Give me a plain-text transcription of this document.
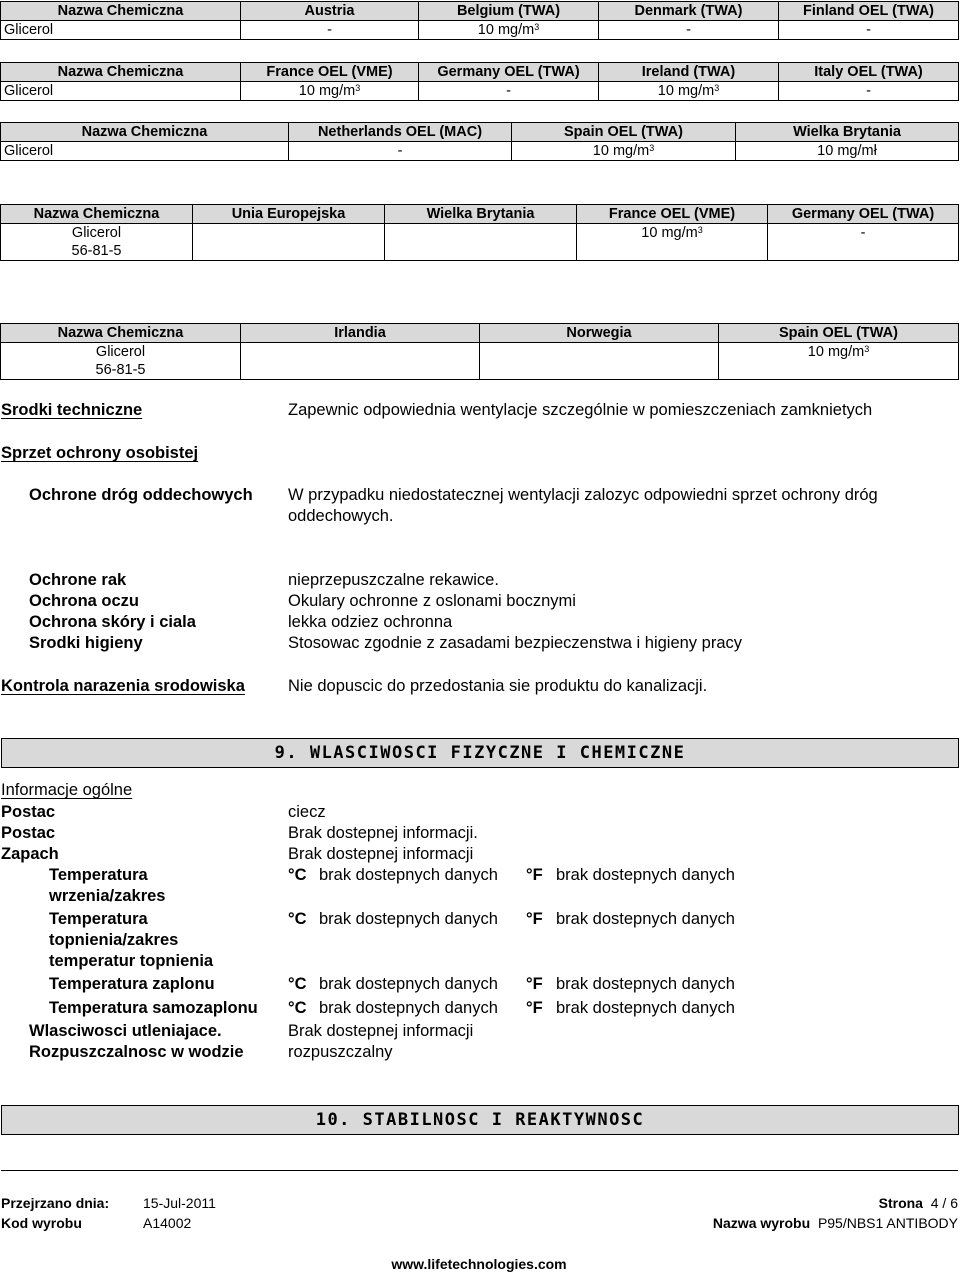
Nazwa Chemiczna	Austria	Belgium (TWA)	Denmark (TWA)	Finland OEL (TWA)
Glicerol	-	10 $mg/m^3$	-	-
Nazwa Chemiczna	France OEL (VME)	Germany OEL (TWA)	Ireland (TWA)	Italy OEL (TWA)
Glicerol	10 $mg/m^3$	-	10 $mg/m^3$	-
Nazwa Chemiczna	Netherlands OEL (MAC)	Spain OEL (TWA)	Wielka Brytania
Glicerol	-	10 $mg/m^3$	10 mg/mł
Nazwa Chemiczna	Unia Europejska	Wielka Brytania	France OEL (VME)	Germany OEL (TWA)

Glicerol
56-81-5			10 $mg/m^3$	-
Nazwa Chemiczna	Irlandia	Norwegia	Spain OEL (TWA)

Glicerol
56-81-5			10 $mg/m^3$
Srodki techniczne	Zapewnic odpowiednia wentylacje szczególnie w pomieszczeniach zamknietych
Sprzet ochrony osobistej
Ochrone dróg oddechowych W przypadku niedostatecznej wentylacji zalozyc odpowiedni sprzet ochrony dróg
oddechowych.
Ochrone rak	nieprzepuszczalne rekawice.
Ochrona oczu	Okulary ochronne z oslonami bocznymi
Ochrona skóry i ciala	lekka odziez ochronna
Srodki higieny	Stosowac zgodnie z zasadami bezpieczenstwa i higieny pracy
Kontrola narazenia srodowiska	Nie dopuscic do przedostania sie produktu do kanalizacji.
9. WLASCIWOSCI FIZYCZNE I CHEMICZNE
Informacje ogólne
Postac	ciecz
Postac	Brak dostepnej informacji.
Zapach	Brak dostepnej informacji
Temperatura
wrzenia/zakres
°C brak dostepnych danych °F brak dostepnych danych
Temperatura
topnienia/zakres
temperatur topnienia
°C brak dostepnych danych °F brak dostepnych danych
Temperatura zaplonu	°C brak dostepnych danych °F brak dostepnych danych
Temperatura samozaplonu °C brak dostepnych danych °F brak dostepnych danych
Wlasciwosci utleniajace.	Brak dostepnej informacji
Rozpuszczalnosc w wodzie	rozpuszczalny
10. STABILNOSC I REAKTYWNOSC
Przejrzano dnia: 15-Jul-2011
Kod wyrobu	A14002
Strona 4 / 6
Nazwa wyrobu P95/NBS1 ANTIBODY
www.lifetechnologies.com
